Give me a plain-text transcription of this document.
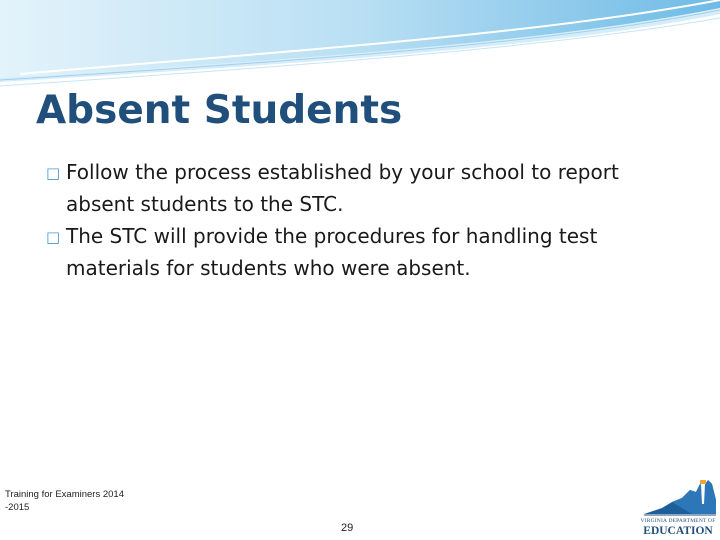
Absent Students
□ Follow the process established by your school to report absent students to the STC.
□ The STC will provide the procedures for handling test materials for students who were absent.
Training for Examiners 2014
-2015
29
VIRGINIA DEPARTMENT OF
EDUCATION
